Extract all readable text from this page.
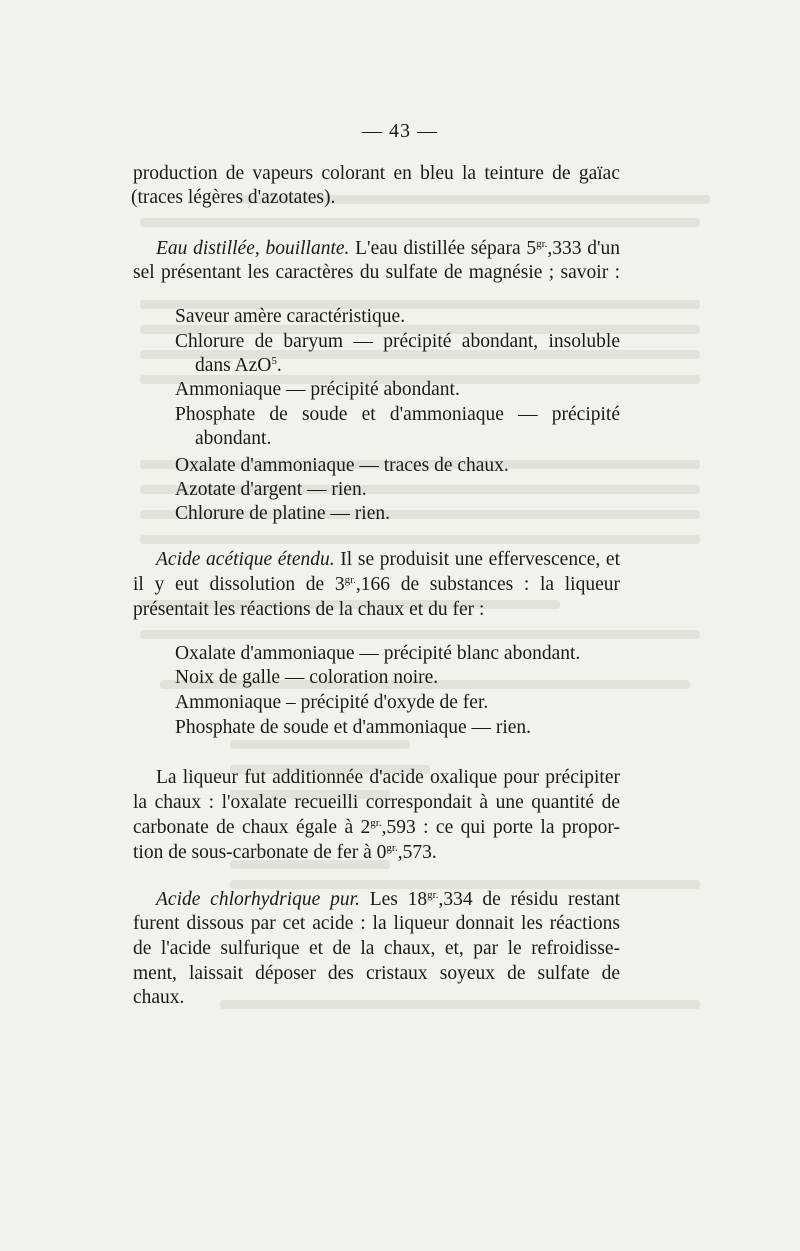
— 43 —
production de vapeurs colorant en bleu la teinture de gaïac
(traces légères d'azotates).
Eau distillée, bouillante. L'eau distillée sépara $5^{gr.},333$ d'un
sel présentant les caractères du sulfate de magnésie ; savoir :
Saveur amère caractéristique.
Chlorure de baryum — précipité abondant, insoluble
dans AzO$^5$.
Ammoniaque — précipité abondant.
Phosphate de soude et d'ammoniaque — précipité
abondant.
Oxalate d'ammoniaque — traces de chaux.
Azotate d'argent — rien.
Chlorure de platine — rien.
Acide acétique étendu. Il se produisit une effervescence, et
il y eut dissolution de $3^{gr.},166$ de substances : la liqueur
présentait les réactions de la chaux et du fer :
Oxalate d'ammoniaque — précipité blanc abondant.
Noix de galle — coloration noire.
Ammoniaque – précipité d'oxyde de fer.
Phosphate de soude et d'ammoniaque — rien.
La liqueur fut additionnée d'acide oxalique pour précipiter
la chaux : l'oxalate recueilli correspondait à une quantité de
carbonate de chaux égale à $2^{gr.},593$ : ce qui porte la propor-
tion de sous-carbonate de fer à $0^{gr.},573$.
Acide chlorhydrique pur. Les $18^{gr.},334$ de résidu restant
furent dissous par cet acide : la liqueur donnait les réactions
de l'acide sulfurique et de la chaux, et, par le refroidisse-
ment, laissait déposer des cristaux soyeux de sulfate de
chaux.
